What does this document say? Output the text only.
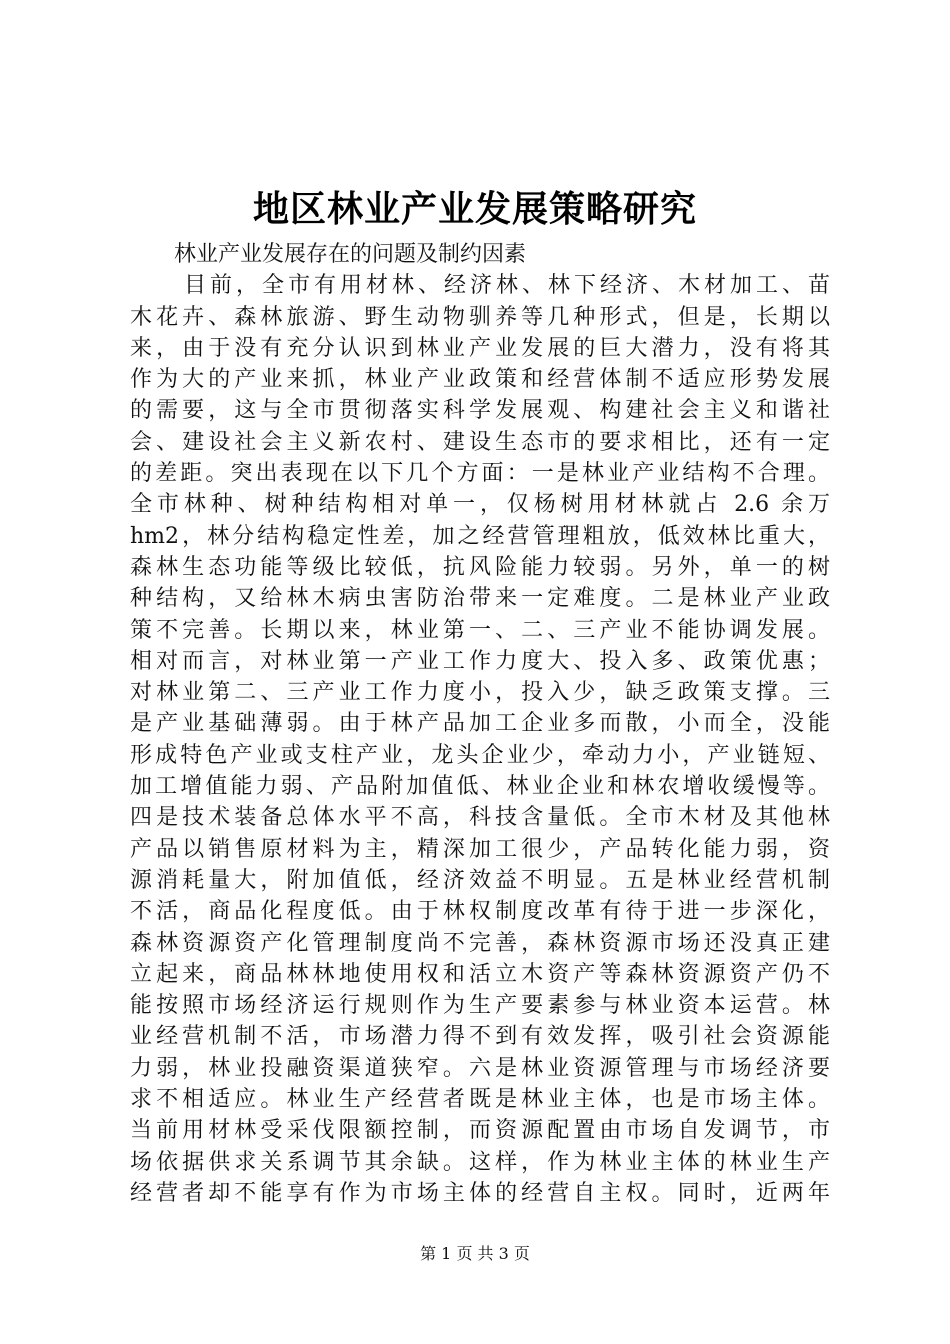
地区林业产业发展策略研究
林业产业发展存在的问题及制约因素
目前，全市有用材林、经济林、林下经济、木材加工、苗
木花卉、森林旅游、野生动物驯养等几种形式，但是，长期以
来，由于没有充分认识到林业产业发展的巨大潜力，没有将其
作为大的产业来抓，林业产业政策和经营体制不适应形势发展
的需要，这与全市贯彻落实科学发展观、构建社会主义和谐社
会、建设社会主义新农村、建设生态市的要求相比，还有一定
的差距。突出表现在以下几个方面：一是林业产业结构不合理。
全市林种、树种结构相对单一，仅杨树用材林就占 2.6 余万
hm2，林分结构稳定性差，加之经营管理粗放，低效林比重大，
森林生态功能等级比较低，抗风险能力较弱。另外，单一的树
种结构，又给林木病虫害防治带来一定难度。二是林业产业政
策不完善。长期以来，林业第一、二、三产业不能协调发展。
相对而言，对林业第一产业工作力度大、投入多、政策优惠；
对林业第二、三产业工作力度小，投入少，缺乏政策支撑。三
是产业基础薄弱。由于林产品加工企业多而散，小而全，没能
形成特色产业或支柱产业，龙头企业少，牵动力小，产业链短、
加工增值能力弱、产品附加值低、林业企业和林农增收缓慢等。
四是技术装备总体水平不高，科技含量低。全市木材及其他林
产品以销售原材料为主，精深加工很少，产品转化能力弱，资
源消耗量大，附加值低，经济效益不明显。五是林业经营机制
不活，商品化程度低。由于林权制度改革有待于进一步深化，
森林资源资产化管理制度尚不完善，森林资源市场还没真正建
立起来，商品林林地使用权和活立木资产等森林资源资产仍不
能按照市场经济运行规则作为生产要素参与林业资本运营。林
业经营机制不活，市场潜力得不到有效发挥，吸引社会资源能
力弱，林业投融资渠道狭窄。六是林业资源管理与市场经济要
求不相适应。林业生产经营者既是林业主体，也是市场主体。
当前用材林受采伐限额控制，而资源配置由市场自发调节，市
场依据供求关系调节其余缺。这样，作为林业主体的林业生产
经营者却不能享有作为市场主体的经营自主权。同时，近两年
第 1 页 共 3 页
